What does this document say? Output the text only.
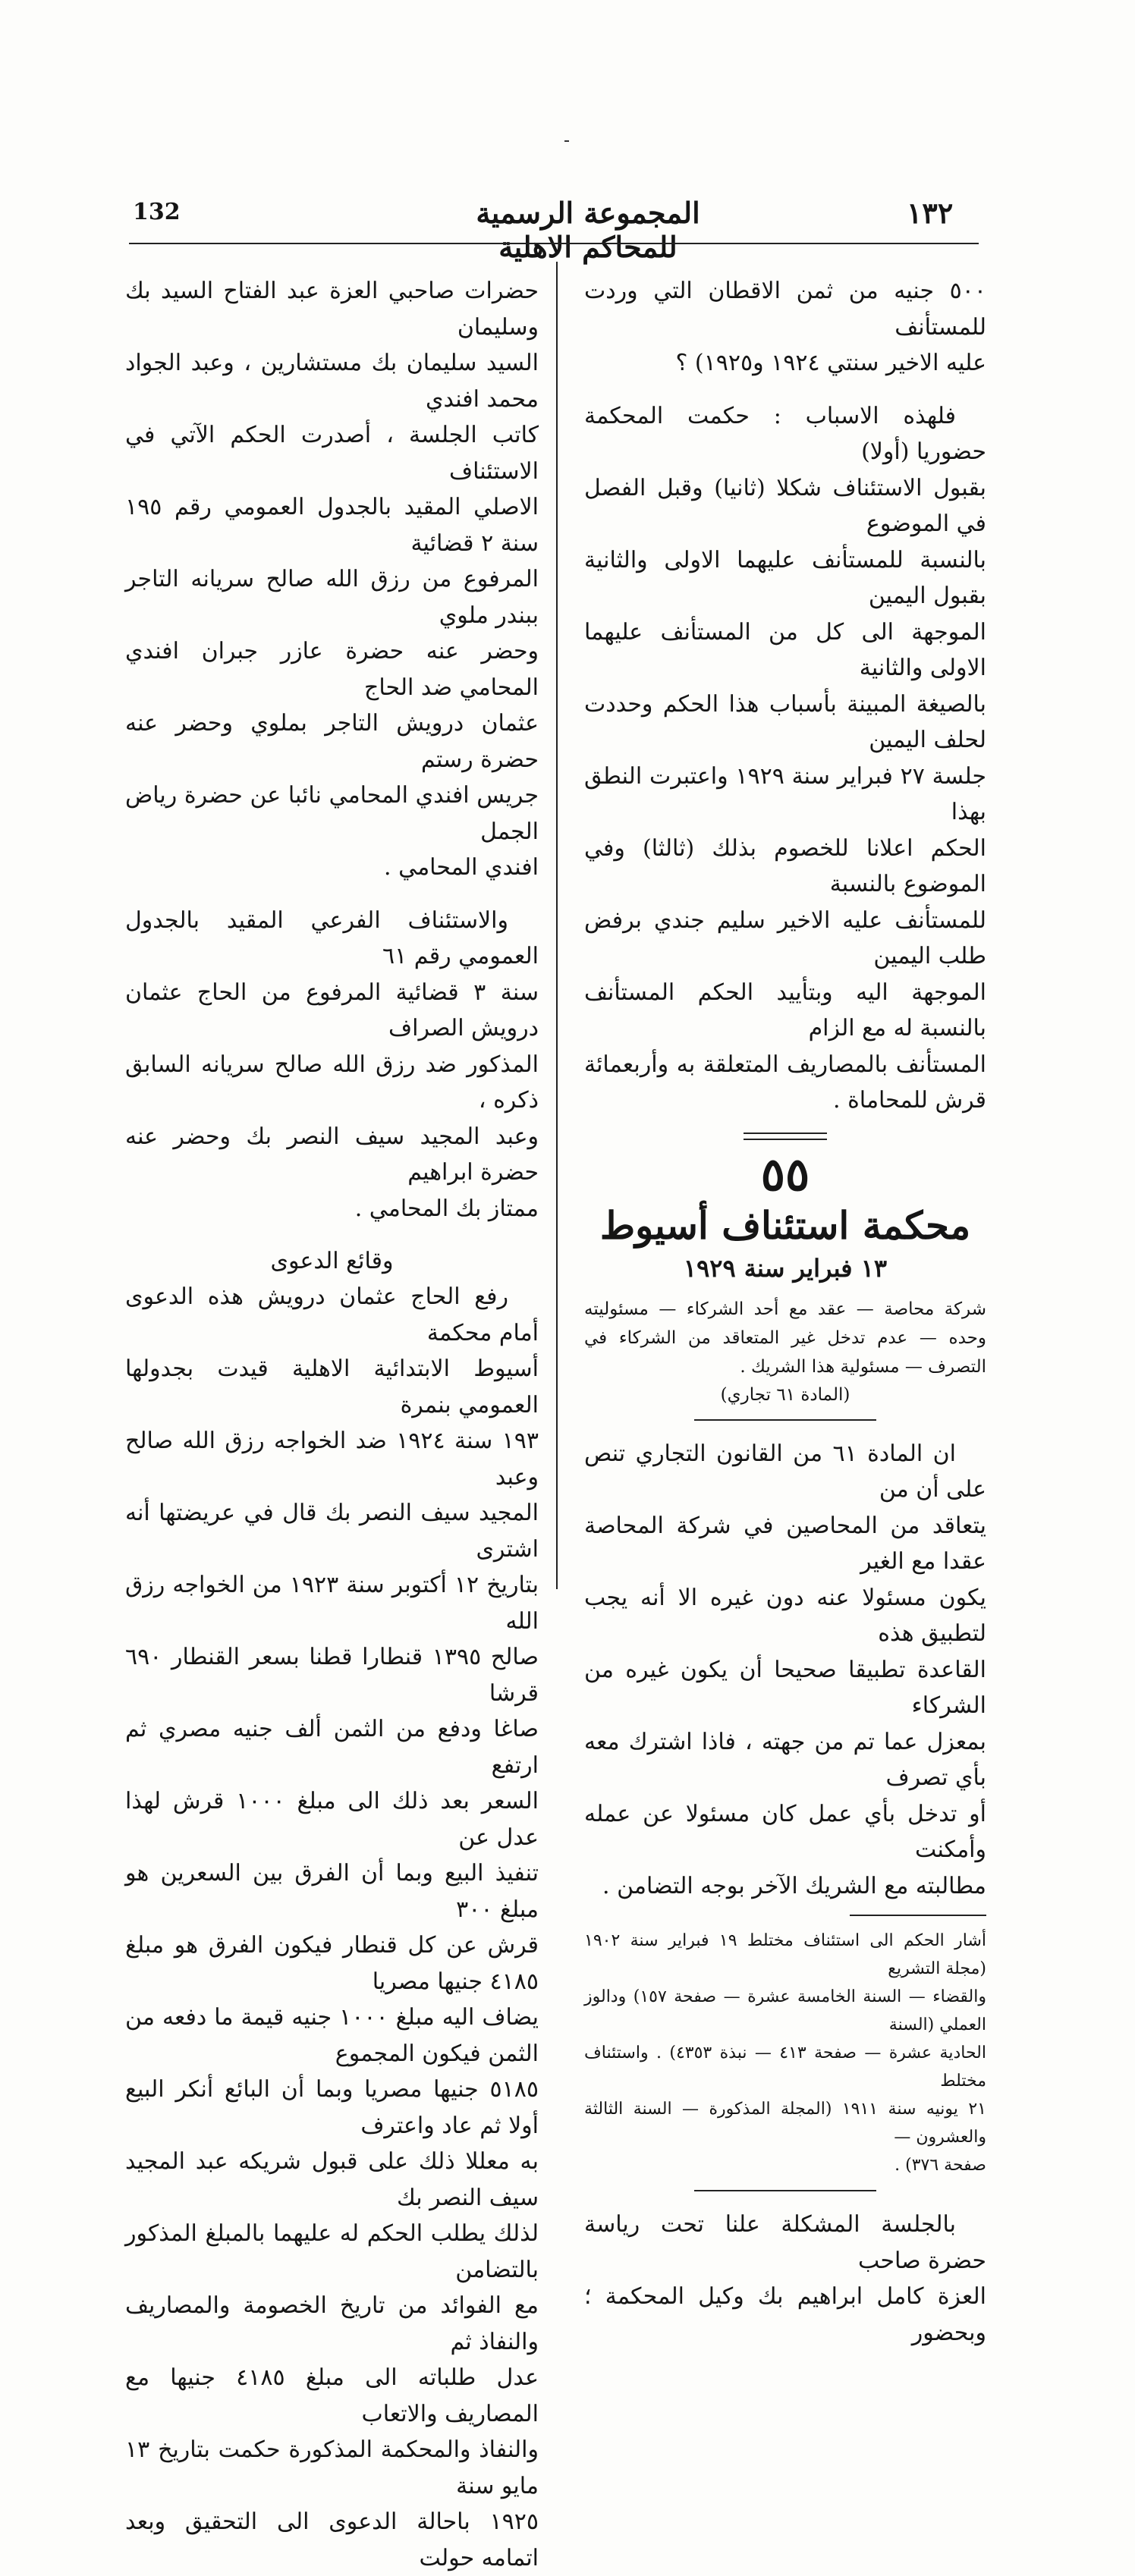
132	المجموعة الرسمية للمحاكم الاهلية
١٣٢

٥٠٠ جنيه من ثمن الاقطان التي وردت للمستأنف

عليه الاخير سنتي ١٩٢٤ و١٩٢٥) ؟

فلهذه الاسباب : حكمت المحكمة حضوريا (أولا)

بقبول الاستئناف شكلا (ثانيا) وقبل الفصل في الموضوع

بالنسبة للمستأنف عليهما الاولى والثانية بقبول اليمين

الموجهة الى كل من المستأنف عليهما الاولى والثانية

بالصيغة المبينة بأسباب هذا الحكم وحددت لحلف اليمين

جلسة ٢٧ فبراير سنة ١٩٢٩ واعتبرت النطق بهذا

الحكم اعلانا للخصوم بذلك (ثالثا) وفي الموضوع بالنسبة

للمستأنف عليه الاخير سليم جندي برفض طلب اليمين

الموجهة اليه وبتأييد الحكم المستأنف بالنسبة له مع الزام

المستأنف بالمصاريف المتعلقة به وأربعمائة قرش للمحاماة .

٥٥
محكمة استئناف أسيوط
١٣ فبراير سنة ١٩٢٩
شركة محاصة — عقد مع أحد الشركاء — مسئوليته وحده — عدم تدخل غير المتعاقد من الشركاء في التصرف — مسئولية هذا الشريك .
(المادة ٦١ تجاري)

ان المادة ٦١ من القانون التجاري تنص على أن من

يتعاقد من المحاصين في شركة المحاصة عقدا مع الغير

يكون مسئولا عنه دون غيره الا أنه يجب لتطبيق هذه

القاعدة تطبيقا صحيحا أن يكون غيره من الشركاء

بمعزل عما تم من جهته ، فاذا اشترك معه بأي تصرف

أو تدخل بأي عمل كان مسئولا عن عمله وأمكنت

مطالبته مع الشريك الآخر بوجه التضامن .

أشار الحكم الى استئناف مختلط ١٩ فبراير سنة ١٩٠٢ (مجلة التشريع

والقضاء — السنة الخامسة عشرة — صفحة ١٥٧) ودالوز العملي (السنة

الحادية عشرة — صفحة ٤١٣ — نبذة ٤٣٥٣) . واستئناف مختلط

٢١ يونيه سنة ١٩١١ (المجلة المذكورة — السنة الثالثة والعشرون —

صفحة ٣٧٦) .

بالجلسة المشكلة علنا تحت رياسة حضرة صاحب

العزة كامل ابراهيم بك وكيل المحكمة ؛ وبحضور

حضرات صاحبي العزة عبد الفتاح السيد بك وسليمان

السيد سليمان بك مستشارين ، وعبد الجواد محمد افندي

كاتب الجلسة ، أصدرت الحكم الآتي في الاستئناف

الاصلي المقيد بالجدول العمومي رقم ١٩٥ سنة ٢ قضائية

المرفوع من رزق الله صالح سريانه التاجر ببندر ملوي

وحضر عنه حضرة عازر جبران افندي المحامي ضد الحاج

عثمان درويش التاجر بملوي وحضر عنه حضرة رستم

جريس افندي المحامي نائبا عن حضرة رياض الجمل

افندي المحامي .

والاستئناف الفرعي المقيد بالجدول العمومي رقم ٦١

سنة ٣ قضائية المرفوع من الحاج عثمان درويش الصراف

المذكور ضد رزق الله صالح سريانه السابق ذكره ،

وعبد المجيد سيف النصر بك وحضر عنه حضرة ابراهيم

ممتاز بك المحامي .

وقائع الدعوى

رفع الحاج عثمان درويش هذه الدعوى أمام محكمة

أسيوط الابتدائية الاهلية قيدت بجدولها العمومي بنمرة

١٩٣ سنة ١٩٢٤ ضد الخواجه رزق الله صالح وعبد

المجيد سيف النصر بك قال في عريضتها أنه اشترى

بتاريخ ١٢ أكتوبر سنة ١٩٢٣ من الخواجه رزق الله

صالح ١٣٩٥ قنطارا قطنا بسعر القنطار ٦٩٠ قرشا

صاغا ودفع من الثمن ألف جنيه مصري ثم ارتفع

السعر بعد ذلك الى مبلغ ١٠٠٠ قرش لهذا عدل عن

تنفيذ البيع وبما أن الفرق بين السعرين هو مبلغ ٣٠٠

قرش عن كل قنطار فيكون الفرق هو مبلغ ٤١٨٥ جنيها مصريا

يضاف اليه مبلغ ١٠٠٠ جنيه قيمة ما دفعه من الثمن فيكون المجموع

٥١٨٥ جنيها مصريا وبما أن البائع أنكر البيع أولا ثم عاد واعترف

به معللا ذلك على قبول شريكه عبد المجيد سيف النصر بك

لذلك يطلب الحكم له عليهما بالمبلغ المذكور بالتضامن

مع الفوائد من تاريخ الخصومة والمصاريف والنفاذ ثم

عدل طلباته الى مبلغ ٤١٨٥ جنيها مع المصاريف والاتعاب

والنفاذ والمحكمة المذكورة حكمت بتاريخ ١٣ مايو سنة

١٩٢٥ باحالة الدعوى الى التحقيق وبعد اتمامه حولت
